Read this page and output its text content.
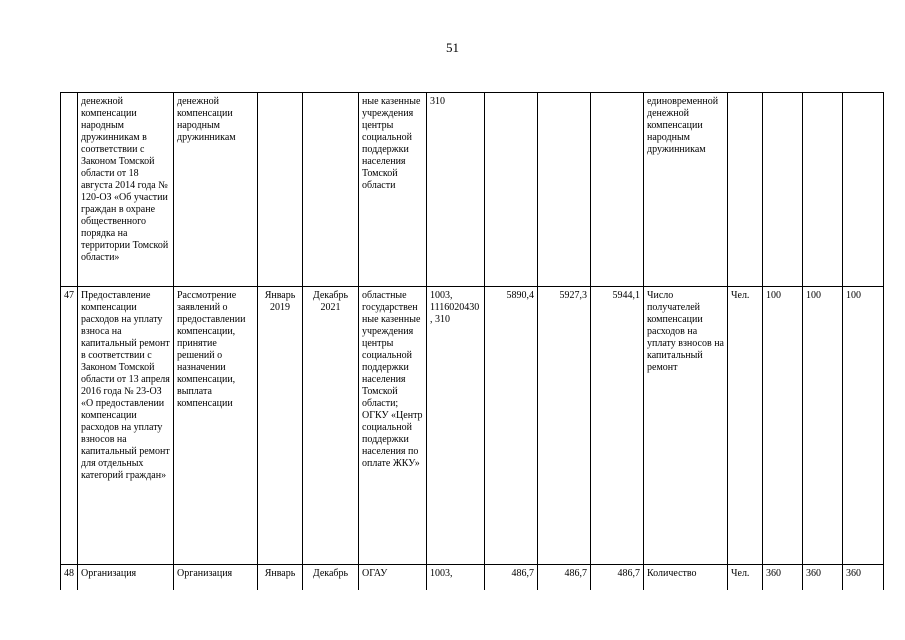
51
	денежной компенсации народным дружинникам в соответствии с Законом Томской области от 18 августа 2014 года № 120-ОЗ «Об участии граждан в охране общественного порядка на территории Томской области»	денежной компенсации народным дружинникам			ные казенные учреждения центры социальной поддержки населения Томской области	310				единовременной денежной компенсации народным дружинникам				
47	Предоставление компенсации расходов на уплату взноса на капитальный ремонт в соответствии с Законом Томской области от 13 апреля 2016 года № 23-ОЗ «О предоставлении компенсации расходов на уплату взносов на капитальный ремонт для отдельных категорий граждан»	Рассмотрение заявлений о предоставлении компенсации, принятие решений о назначении компенсации, выплата компенсации	Январь 2019	Декабрь 2021	областные государствен ные казенные учреждения центры социальной поддержки населения Томской области; ОГКУ «Центр социальной поддержки населения по оплате ЖКУ»	1003, 1116020430, 310	5890,4	5927,3	5944,1	Число получателей компенсации расходов на уплату взносов на капитальный ремонт	Чел.	100	100	100
48	Организация	Организация	Январь	Декабрь	ОГАУ	1003,	486,7	486,7	486,7	Количество	Чел.	360	360	360
